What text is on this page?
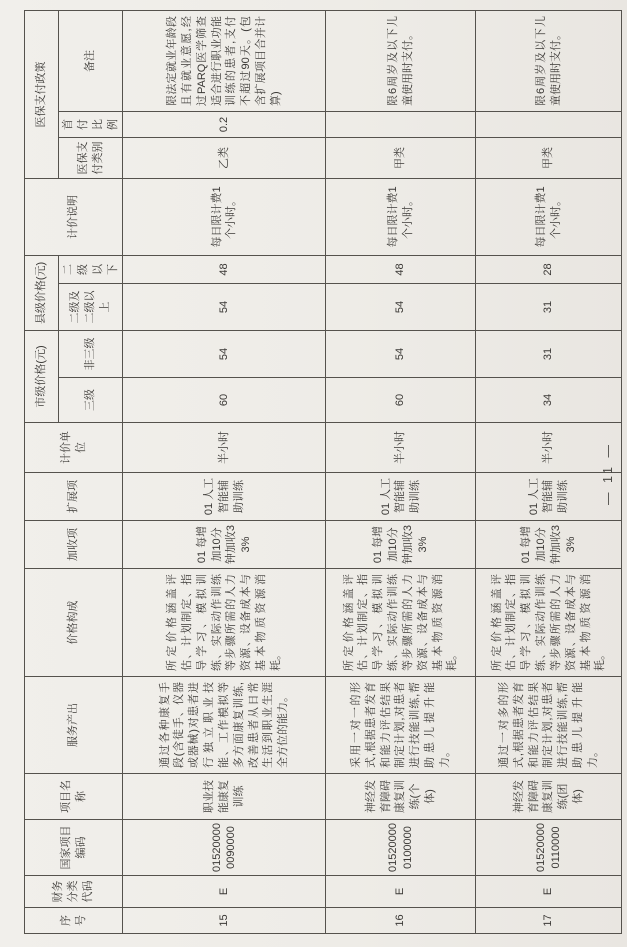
序号	财务分类代码	国家项目编码	项目名称	服务产出	价格构成	加收项	扩展项	计价单位	市级价格(元)		县级价格(元)		计价说明	医保支付政策		
									三级	非三级	二级及二级以上	二级以下		医保支付类别	首付比例	备注
15	E	01520000 0090000	职业技能康复训练	通过各种康复手段(含徒手、仪器或器械)对患者进行独立职业技能、工作模拟等多方面康复训练,改善患者从日常生活到职业生涯全方位的能力。	所定价格涵盖评估、计划制定、指导学习、模拟训练、实际动作训练等步骤所需的人力资源、设备成本与基本物质资源消耗。	01 每增加10分钟加收33%	01 人工智能辅助训练	半小时	60	54	54	48	每日限计费1个小时。	乙类	0.2	限法定就业年龄段且有就业意愿,经过PARQ医学筛查适合进行职业功能训练的患者,支付不超过90天。(包含扩展项目合并计算)
16	E	01520000 0100000	神经发育障碍康复训练(个体)	采用一对一的形式,根据患者发育和能力评估结果制定计划,对患者进行技能训练,帮助患儿提升能力。	所定价格涵盖评估、计划制定、指导学习、模拟训练、实际动作训练等步骤所需的人力资源、设备成本与基本物质资源消耗。	01 每增加10分钟加收33%	01 人工智能辅助训练	半小时	60	54	54	48	每日限计费1个小时。	甲类		限6周岁及以下儿童使用时支付。
17	E	01520000 0110000	神经发育障碍康复训练(团体)	通过一对多的形式,根据患者发育和能力评估结果制定计划,对患者进行技能训练,帮助患儿提升能力。	所定价格涵盖评估、计划制定、指导学习、模拟训练、实际动作训练等步骤所需的人力资源、设备成本与基本物质资源消耗。	01 每增加10分钟加收33%	01 人工智能辅助训练	半小时	34	31	31	28	每日限计费1个小时。	甲类		限6周岁及以下儿童使用时支付。
— 11 —
